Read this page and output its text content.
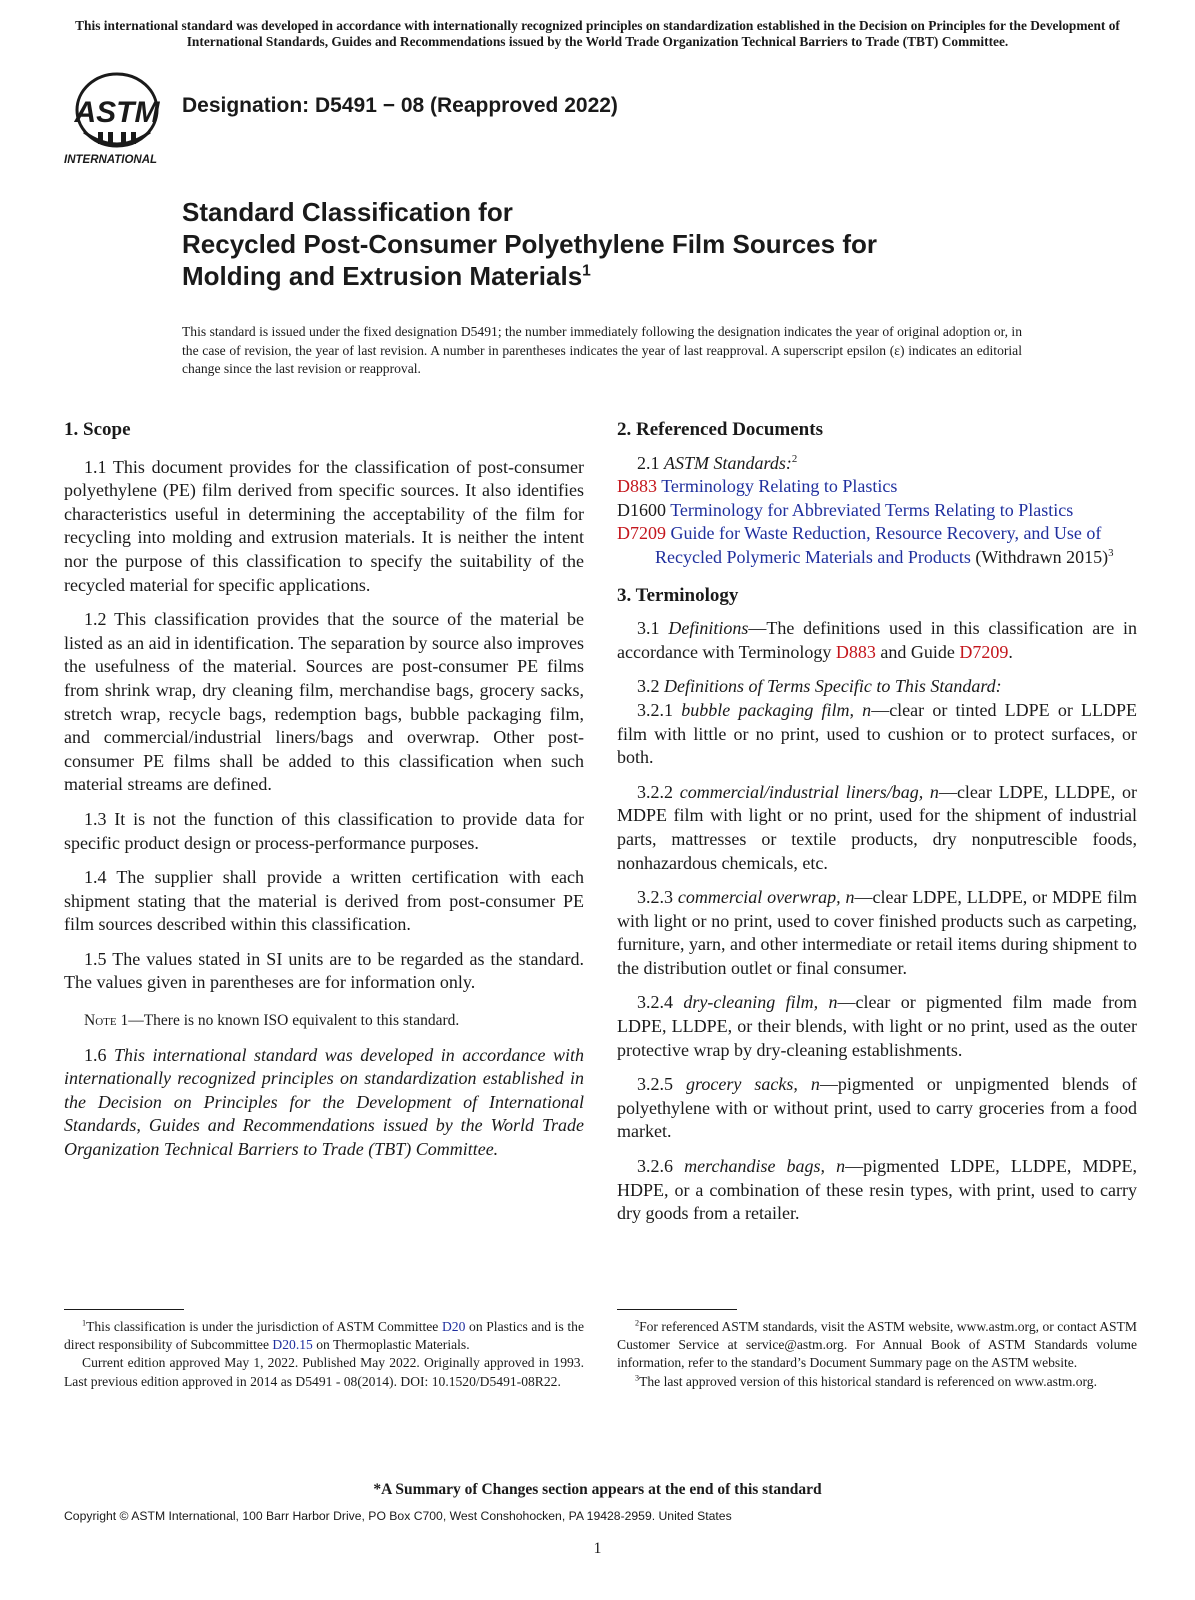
This international standard was developed in accordance with internationally recognized principles on standardization established in the Decision on Principles for the Development of International Standards, Guides and Recommendations issued by the World Trade Organization Technical Barriers to Trade (TBT) Committee.
ASTM
INTERNATIONAL
Designation: D5491 − 08 (Reapproved 2022)
Standard Classification for
Recycled Post-Consumer Polyethylene Film Sources for
Molding and Extrusion Materials$^1$
This standard is issued under the fixed designation D5491; the number immediately following the designation indicates the year of original adoption or, in the case of revision, the year of last revision. A number in parentheses indicates the year of last reapproval. A superscript epsilon (ε) indicates an editorial change since the last revision or reapproval.
1. Scope
1.1 This document provides for the classification of post-consumer polyethylene (PE) film derived from specific sources. It also identifies characteristics useful in determining the acceptability of the film for recycling into molding and extrusion materials. It is neither the intent nor the purpose of this classification to specify the suitability of the recycled material for specific applications.
1.2 This classification provides that the source of the material be listed as an aid in identification. The separation by source also improves the usefulness of the material. Sources are post-consumer PE films from shrink wrap, dry cleaning film, merchandise bags, grocery sacks, stretch wrap, recycle bags, redemption bags, bubble packaging film, and commercial/industrial liners/bags and overwrap. Other post-consumer PE films shall be added to this classification when such material streams are defined.
1.3 It is not the function of this classification to provide data for specific product design or process-performance purposes.
1.4 The supplier shall provide a written certification with each shipment stating that the material is derived from post-consumer PE film sources described within this classification.
1.5 The values stated in SI units are to be regarded as the standard. The values given in parentheses are for information only.
Note 1—There is no known ISO equivalent to this standard.
1.6 This international standard was developed in accordance with internationally recognized principles on standardization established in the Decision on Principles for the Development of International Standards, Guides and Recommendations issued by the World Trade Organization Technical Barriers to Trade (TBT) Committee.
2. Referenced Documents
2.1 ASTM Standards:$^2$
D883 Terminology Relating to Plastics
D1600 Terminology for Abbreviated Terms Relating to Plastics
D7209 Guide for Waste Reduction, Resource Recovery, and Use of Recycled Polymeric Materials and Products (Withdrawn 2015)$^3$
3. Terminology
3.1 Definitions—The definitions used in this classification are in accordance with Terminology D883 and Guide D7209.
3.2 Definitions of Terms Specific to This Standard:
3.2.1 bubble packaging film, n—clear or tinted LDPE or LLDPE film with little or no print, used to cushion or to protect surfaces, or both.
3.2.2 commercial/industrial liners/bag, n—clear LDPE, LLDPE, or MDPE film with light or no print, used for the shipment of industrial parts, mattresses or textile products, dry nonputrescible foods, nonhazardous chemicals, etc.
3.2.3 commercial overwrap, n—clear LDPE, LLDPE, or MDPE film with light or no print, used to cover finished products such as carpeting, furniture, yarn, and other intermediate or retail items during shipment to the distribution outlet or final consumer.
3.2.4 dry-cleaning film, n—clear or pigmented film made from LDPE, LLDPE, or their blends, with light or no print, used as the outer protective wrap by dry-cleaning establishments.
3.2.5 grocery sacks, n—pigmented or unpigmented blends of polyethylene with or without print, used to carry groceries from a food market.
3.2.6 merchandise bags, n—pigmented LDPE, LLDPE, MDPE, HDPE, or a combination of these resin types, with print, used to carry dry goods from a retailer.

$^1$This classification is under the jurisdiction of ASTM Committee D20 on Plastics and is the direct responsibility of Subcommittee D20.15 on Thermoplastic Materials.

Current edition approved May 1, 2022. Published May 2022. Originally approved in 1993. Last previous edition approved in 2014 as D5491 - 08(2014). DOI: 10.1520/D5491-08R22.

$^2$For referenced ASTM standards, visit the ASTM website, www.astm.org, or contact ASTM Customer Service at service@astm.org. For Annual Book of ASTM Standards volume information, refer to the standard’s Document Summary page on the ASTM website.

$^3$The last approved version of this historical standard is referenced on www.astm.org.

*A Summary of Changes section appears at the end of this standard
Copyright © ASTM International, 100 Barr Harbor Drive, PO Box C700, West Conshohocken, PA 19428-2959. United States
1
